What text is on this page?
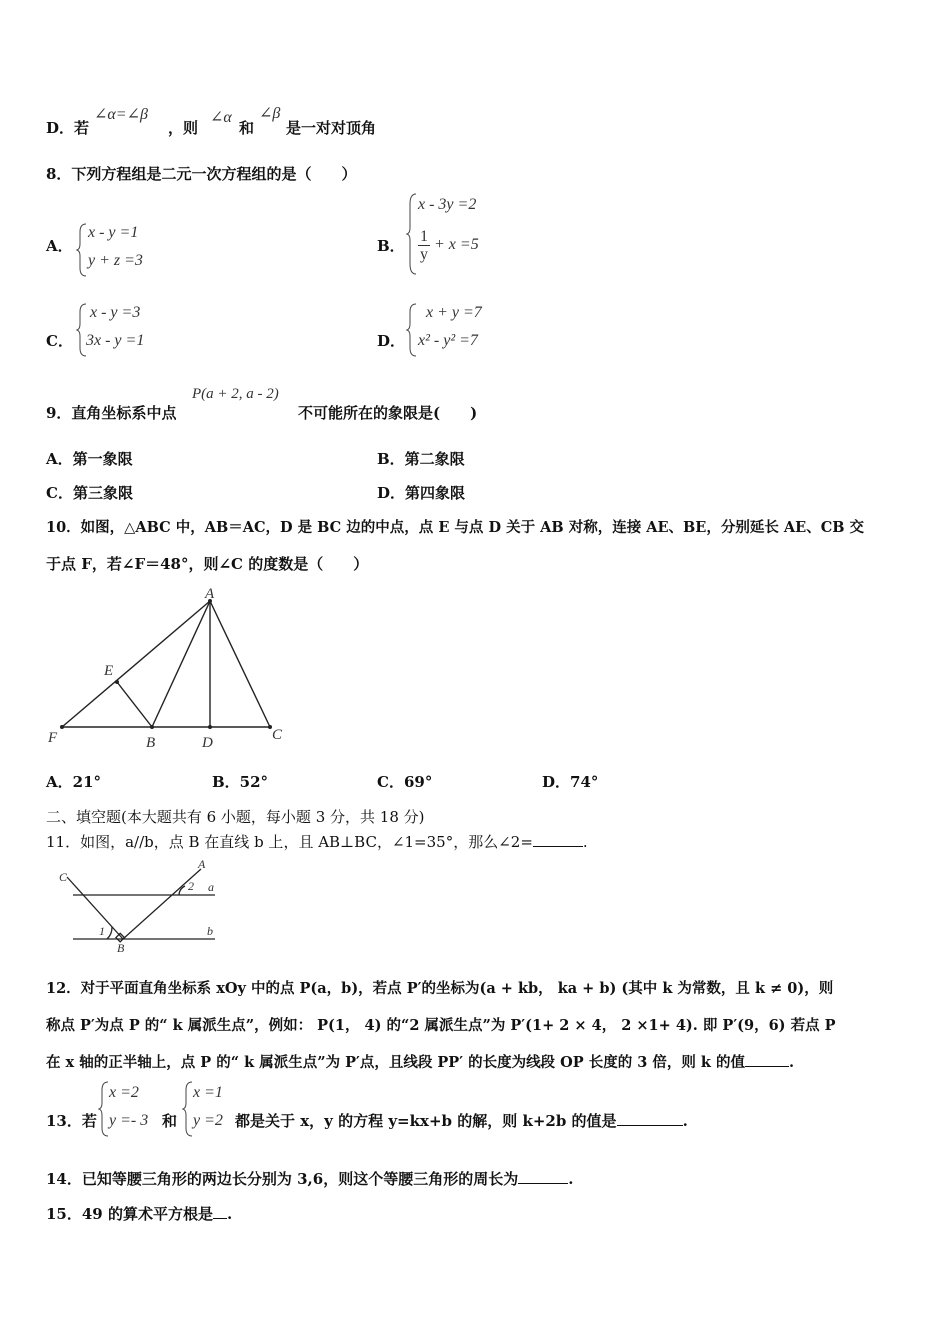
D．若
∠α=∠β
，则
∠α
和
∠β
是一对对顶角
8．下列方程组是二元一次方程组的是（　　）
A．
x - y =1
y + z =3
B．
x - 3y =2
$\frac{1}{y} + x =5$
C．
x - y =3
3x - y =1	D．
x + y =7
x² - y² =7
9．直角坐标系中点
P(a + 2, a - 2)
不可能所在的象限是(　　)
A．第一象限	B．第二象限
C．第三象限	D．第四象限
10．如图，△ABC 中，AB＝AC，D 是 BC 边的中点，点 E 与点 D 关于 AB 对称，连接 AE、BE，分别延长 AE、CB 交
于点 F，若∠F＝48°，则∠C 的度数是（　　）
A
E
F	B	D	C
A．21°	B．52°	C．69°	D．74°
二、填空题(本大题共有 6 小题，每小题 3 分，共 18 分)
11．如图，a//b，点 B 在直线 b 上，且 AB⊥BC，∠1=35°，那么∠2=	.
C
A
2 a
1
B
b
12．对于平面直角坐标系 xOy 中的点 P(a，b)，若点 P′的坐标为(a + kb， ka + b) (其中 k 为常数，且 k ≠ 0)，则
称点 P′为点 P 的“ k 属派生点”，例如： P(1， 4) 的“2 属派生点”为 P′(1+ 2 × 4， 2 ×1+ 4). 即 P′(9，6) 若点 P
在 x 轴的正半轴上，点 P 的“ k 属派生点”为 P′点，且线段 PP′ 的长度为线段 OP 长度的 3 倍，则 k 的值	.
13．若
x =2
y =- 3 和
x =1
y =2 都是关于 x，y 的方程 y=kx+b 的解，则 k+2b 的值是	.
14．已知等腰三角形的两边长分别为 3,6，则这个等腰三角形的周长为	.
15．49 的算术平方根是 .
